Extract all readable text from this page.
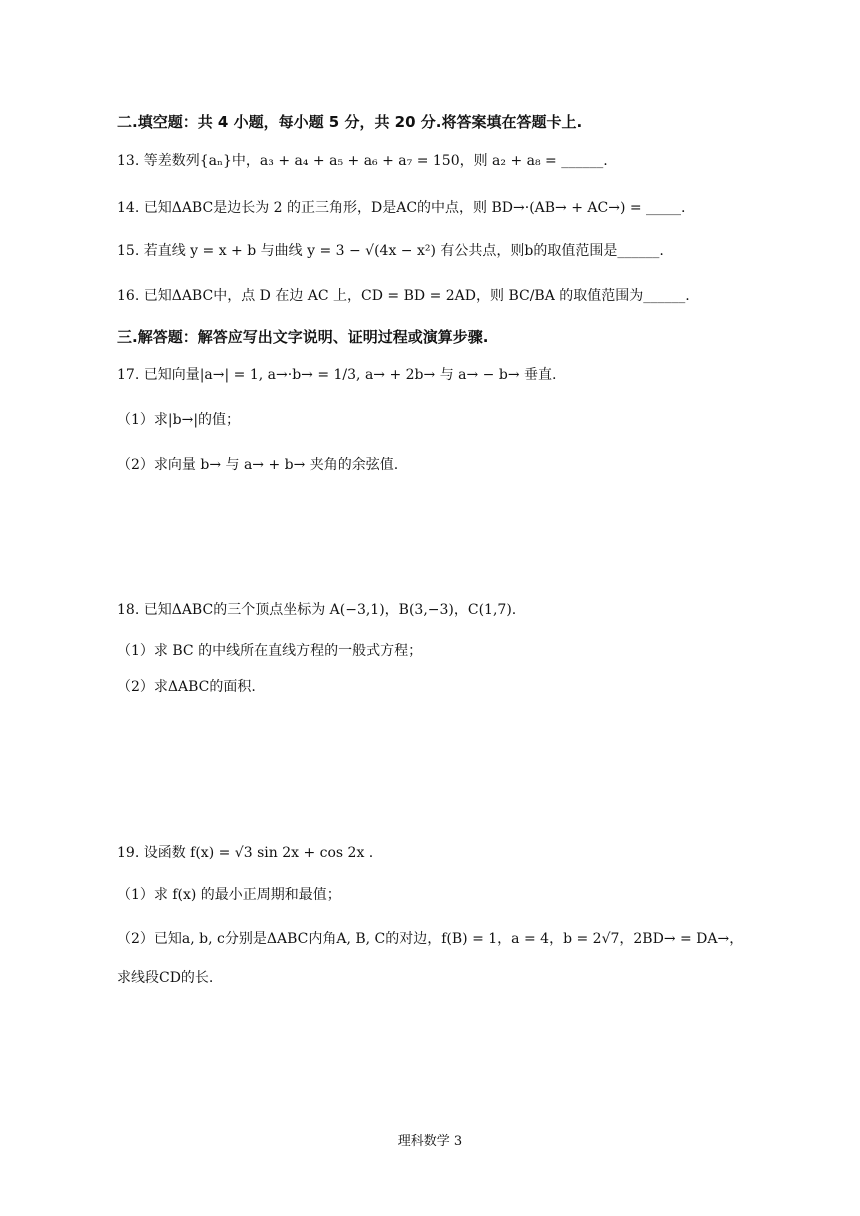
二.填空题：共 4 小题，每小题 5 分，共 20 分.将答案填在答题卡上.
13. 等差数列{aₙ}中，a₃ + a₄ + a₅ + a₆ + a₇ = 150，则 a₂ + a₈ = ______.
14. 已知ΔABC是边长为 2 的正三角形，D是AC的中点，则 BD→·(AB→ + AC→) = _____.
15. 若直线 y = x + b 与曲线 y = 3 − √(4x − x²) 有公共点，则b的取值范围是______.
16. 已知ΔABC中，点 D 在边 AC 上，CD = BD = 2AD，则 BC/BA 的取值范围为______.
三.解答题：解答应写出文字说明、证明过程或演算步骤.
17. 已知向量|a→| = 1, a→·b→ = 1/3, a→ + 2b→ 与 a→ − b→ 垂直.
（1）求|b→|的值；
（2）求向量 b→ 与 a→ + b→ 夹角的余弦值.
18. 已知ΔABC的三个顶点坐标为 A(−3,1)，B(3,−3)，C(1,7).
（1）求 BC 的中线所在直线方程的一般式方程；
（2）求ΔABC的面积.
19. 设函数 f(x) = √3 sin 2x + cos 2x .
（1）求 f(x) 的最小正周期和最值；
（2）已知a, b, c分别是ΔABC内角A, B, C的对边，f(B) = 1，a = 4，b = 2√7，2BD→ = DA→，
求线段CD的长.
理科数学 3
